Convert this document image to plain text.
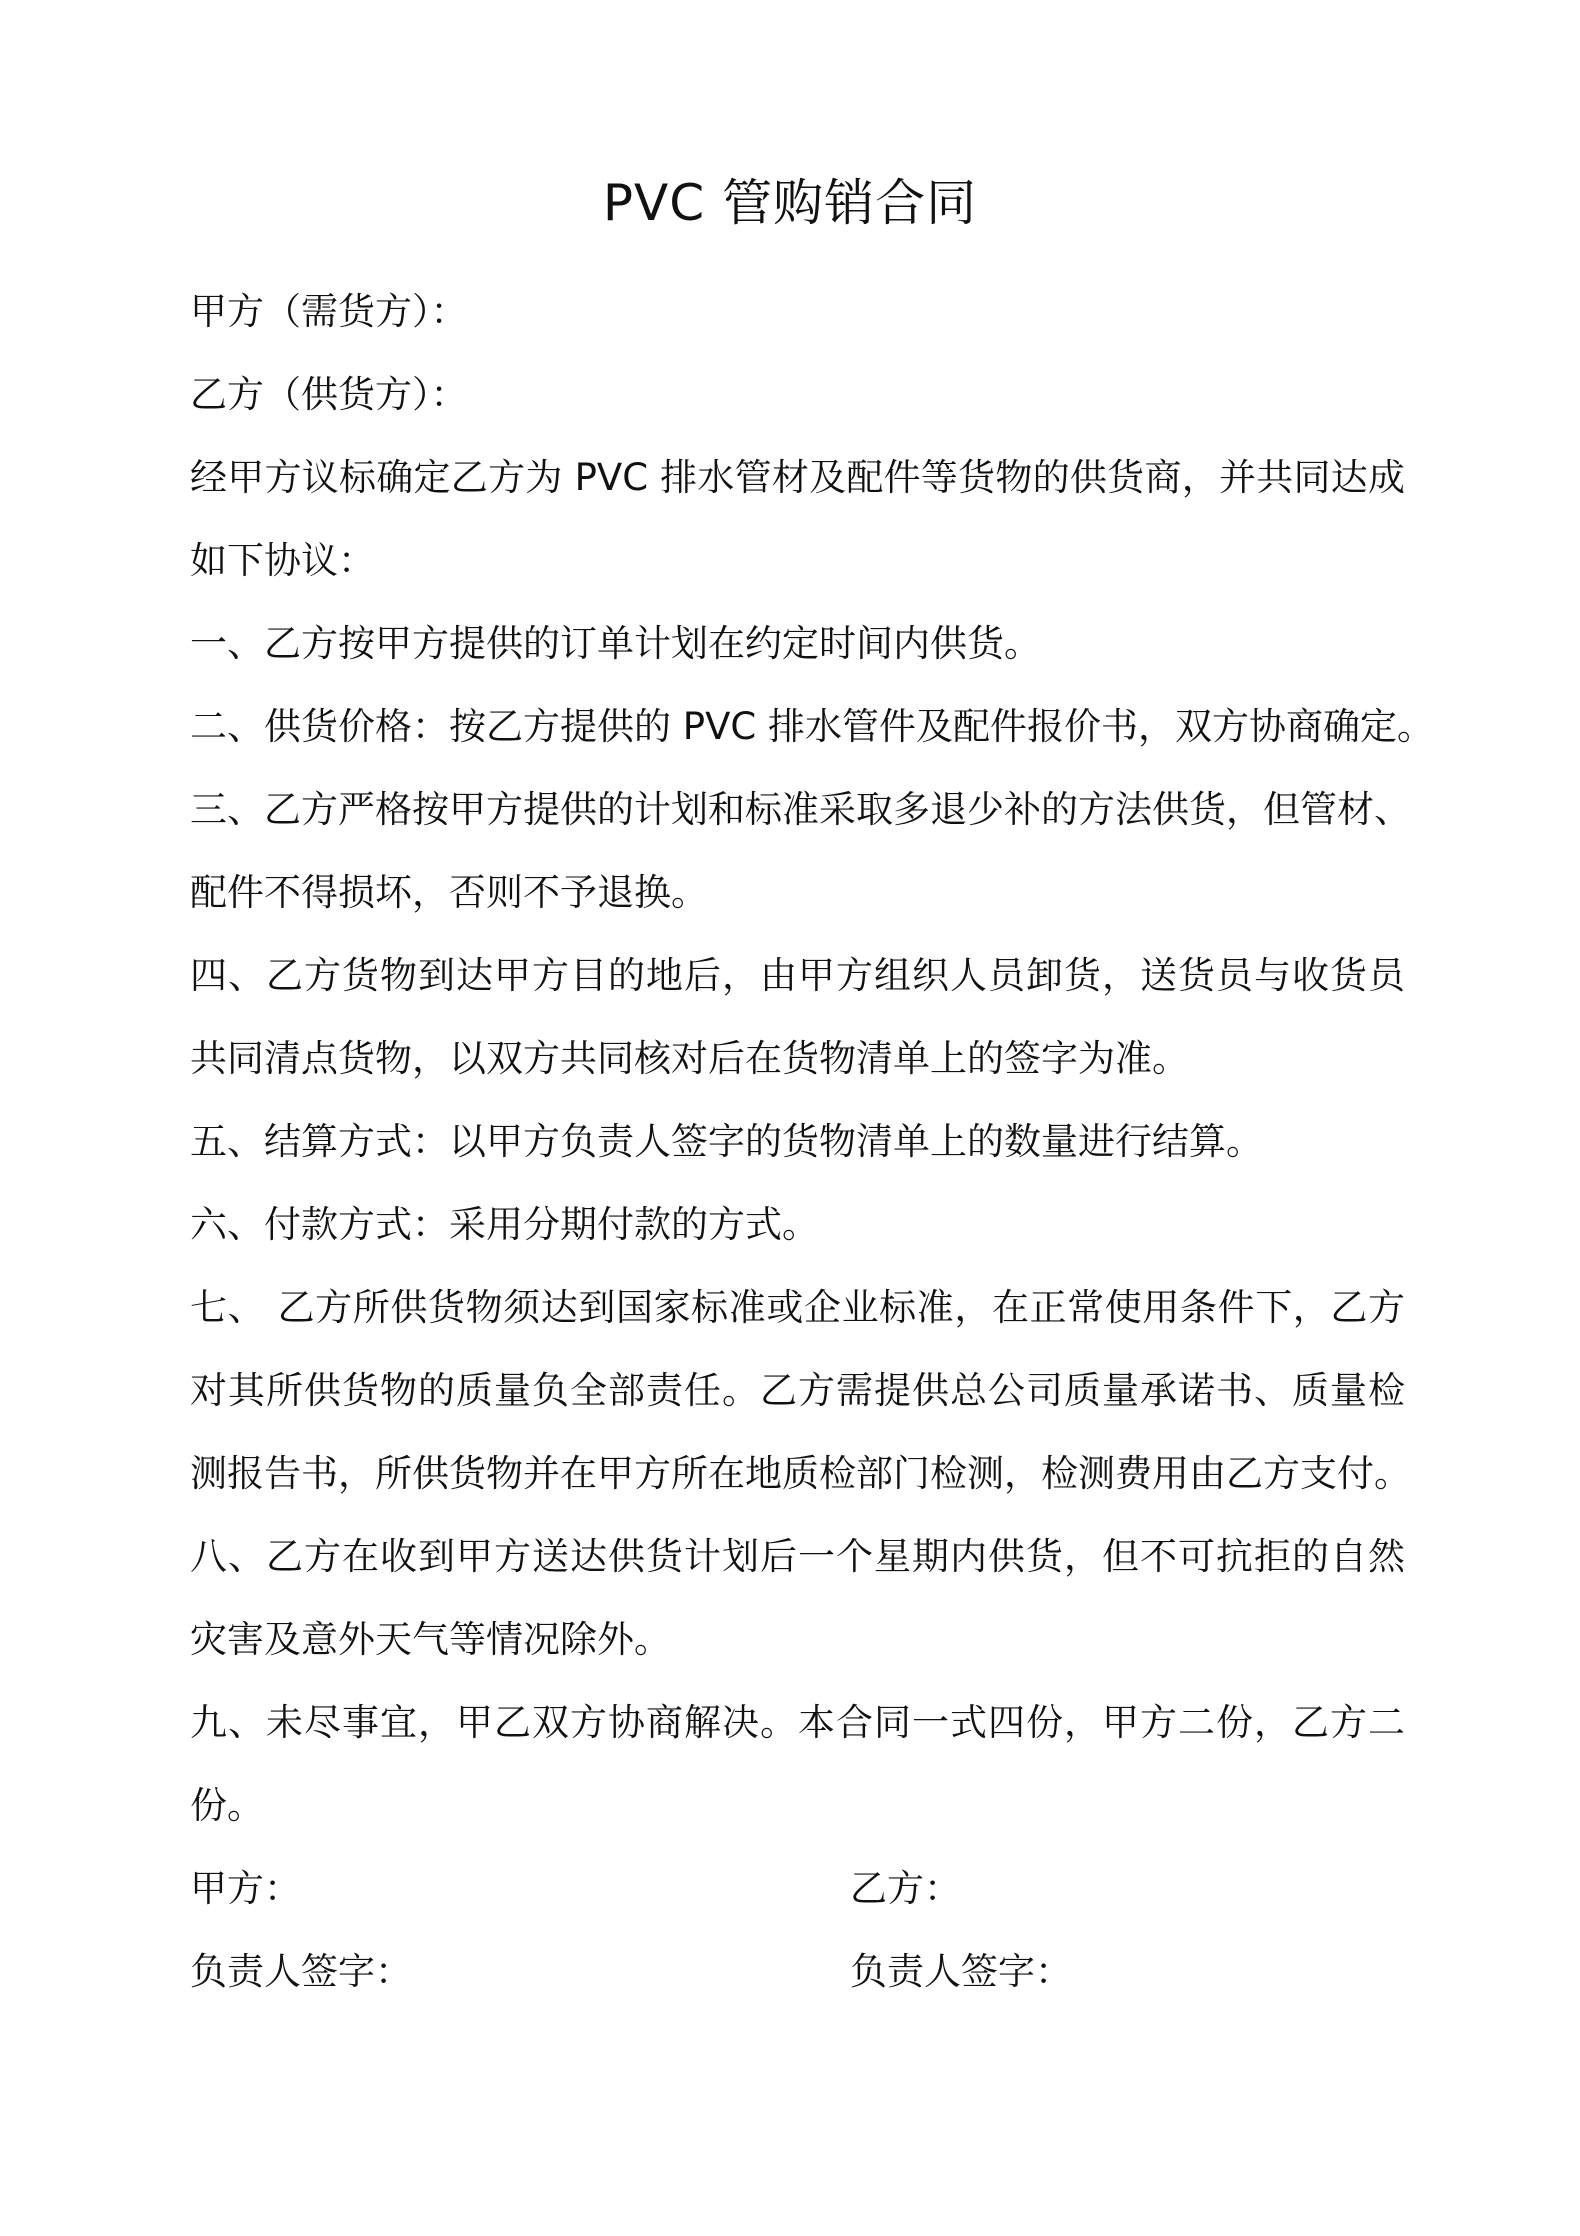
PVC 管购销合同
甲方（需货方）：
乙方（供货方）：
经甲方议标确定乙方为 PVC 排水管材及配件等货物的供货商，并共同达成
如下协议：
一、乙方按甲方提供的订单计划在约定时间内供货。
二、供货价格：按乙方提供的 PVC 排水管件及配件报价书，双方协商确定。
三、乙方严格按甲方提供的计划和标准采取多退少补的方法供货，但管材、
配件不得损坏，否则不予退换。
四、乙方货物到达甲方目的地后，由甲方组织人员卸货，送货员与收货员
共同清点货物，以双方共同核对后在货物清单上的签字为准。
五、结算方式：以甲方负责人签字的货物清单上的数量进行结算。
六、付款方式：采用分期付款的方式。
七、 乙方所供货物须达到国家标准或企业标准，在正常使用条件下，乙方
对其所供货物的质量负全部责任。乙方需提供总公司质量承诺书、质量检
测报告书，所供货物并在甲方所在地质检部门检测，检测费用由乙方支付。
八、乙方在收到甲方送达供货计划后一个星期内供货，但不可抗拒的自然
灾害及意外天气等情况除外。
九、未尽事宜，甲乙双方协商解决。本合同一式四份，甲方二份，乙方二
份。
甲方：	乙方：
负责人签字：	负责人签字：
